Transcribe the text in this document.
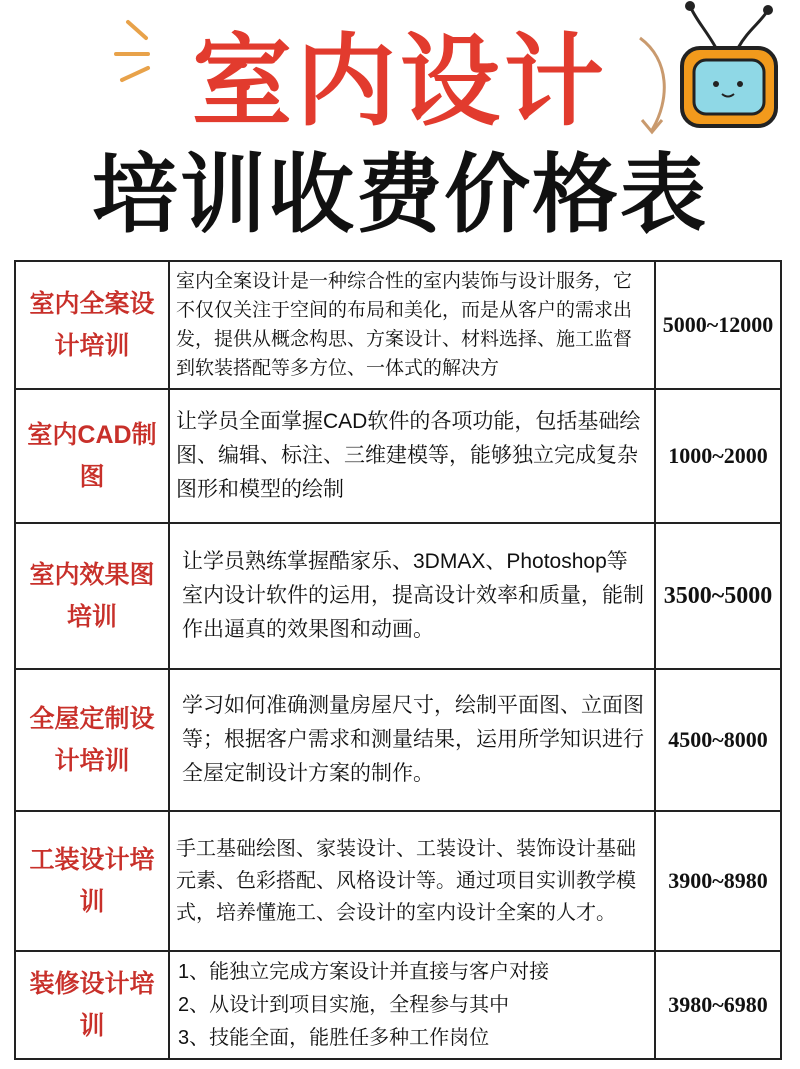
室内设计
培训收费价格表
室内全案设计培训	室内全案设计是一种综合性的室内装饰与设计服务，它不仅仅关注于空间的布局和美化，而是从客户的需求出发，提供从概念构思、方案设计、材料选择、施工监督到软装搭配等多方位、一体式的解决方	5000~12000
室内CAD制图	让学员全面掌握CAD软件的各项功能，包括基础绘图、编辑、标注、三维建模等，能够独立完成复杂图形和模型的绘制	1000~2000
室内效果图培训	让学员熟练掌握酷家乐、3DMAX、Photoshop等室内设计软件的运用，提高设计效率和质量，能制作出逼真的效果图和动画。	3500~5000
全屋定制设计培训	学习如何准确测量房屋尺寸，绘制平面图、立面图等；根据客户需求和测量结果，运用所学知识进行全屋定制设计方案的制作。	4500~8000
工装设计培训	手工基础绘图、家装设计、工装设计、装饰设计基础元素、色彩搭配、风格设计等。通过项目实训教学模式，培养懂施工、会设计的室内设计全案的人才。	3900~8980
装修设计培训	1、能独立完成方案设计并直接与客户对接
2、从设计到项目实施，全程参与其中
3、技能全面，能胜任多种工作岗位	3980~6980
